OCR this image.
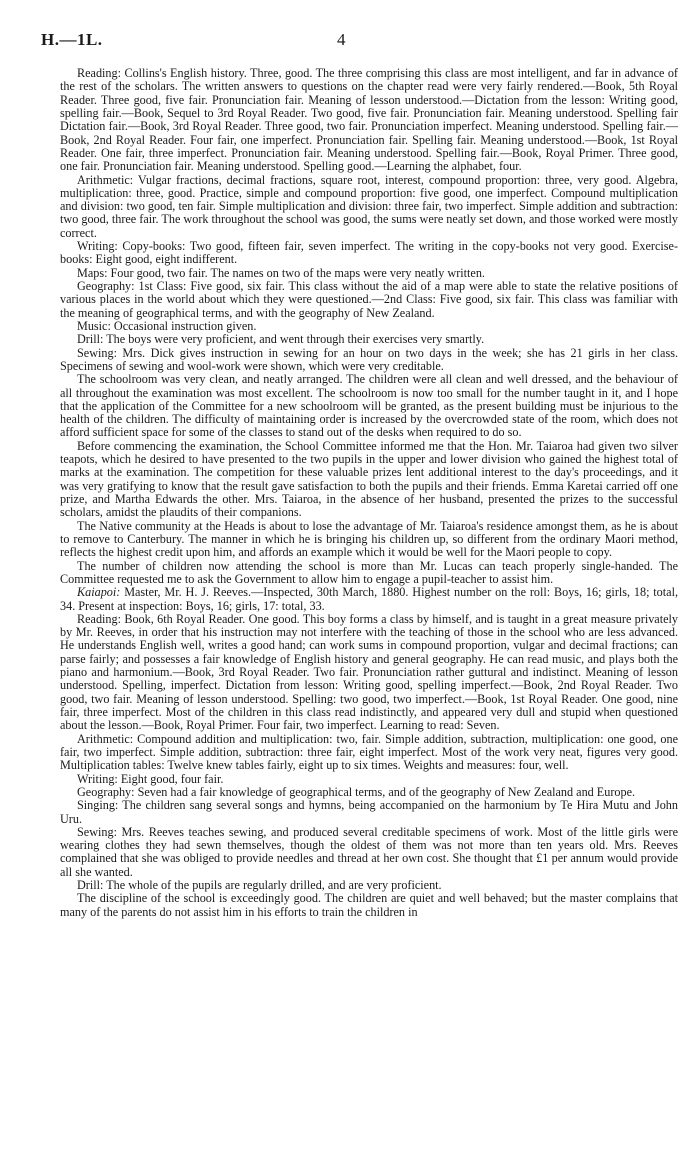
H.—1L.	4

Reading: Collins's English history. Three, good. The three comprising this class are most intelligent, and far in advance of the rest of the scholars. The written answers to questions on the chapter read were very fairly rendered.—Book, 5th Royal Reader. Three good, five fair. Pronunciation fair. Meaning of lesson understood.—Dictation from the lesson: Writing good, spelling fair.—Book, Sequel to 3rd Royal Reader. Two good, five fair. Pronunciation fair. Meaning understood. Spelling fair Dictation fair.—Book, 3rd Royal Reader. Three good, two fair. Pronunciation imperfect. Meaning understood. Spelling fair.—Book, 2nd Royal Reader. Four fair, one imperfect. Pronunciation fair. Spelling fair. Meaning understood.—Book, 1st Royal Reader. One fair, three imperfect. Pronunciation fair. Meaning understood. Spelling fair.—Book, Royal Primer. Three good, one fair. Pronunciation fair. Meaning understood. Spelling good.—Learning the alphabet, four.

Arithmetic: Vulgar fractions, decimal fractions, square root, interest, compound proportion: three, very good. Algebra, multiplication: three, good. Practice, simple and compound proportion: five good, one imperfect. Compound multiplication and division: two good, ten fair. Simple multiplication and division: three fair, two imperfect. Simple addition and subtraction: two good, three fair. The work throughout the school was good, the sums were neatly set down, and those worked were mostly correct.

Writing: Copy-books: Two good, fifteen fair, seven imperfect. The writing in the copy-books not very good. Exercise-books: Eight good, eight indifferent.

Maps: Four good, two fair. The names on two of the maps were very neatly written.

Geography: 1st Class: Five good, six fair. This class without the aid of a map were able to state the relative positions of various places in the world about which they were questioned.—2nd Class: Five good, six fair. This class was familiar with the meaning of geographical terms, and with the geography of New Zealand.

Music: Occasional instruction given.

Drill: The boys were very proficient, and went through their exercises very smartly.

Sewing: Mrs. Dick gives instruction in sewing for an hour on two days in the week; she has 21 girls in her class. Specimens of sewing and wool-work were shown, which were very creditable.

The schoolroom was very clean, and neatly arranged. The children were all clean and well dressed, and the behaviour of all throughout the examination was most excellent. The schoolroom is now too small for the number taught in it, and I hope that the application of the Committee for a new schoolroom will be granted, as the present building must be injurious to the health of the children. The difficulty of maintaining order is increased by the overcrowded state of the room, which does not afford sufficient space for some of the classes to stand out of the desks when required to do so.

Before commencing the examination, the School Committee informed me that the Hon. Mr. Taiaroa had given two silver teapots, which he desired to have presented to the two pupils in the upper and lower division who gained the highest total of marks at the examination. The competition for these valuable prizes lent additional interest to the day's proceedings, and it was very gratifying to know that the result gave satisfaction to both the pupils and their friends. Emma Karetai carried off one prize, and Martha Edwards the other. Mrs. Taiaroa, in the absence of her husband, presented the prizes to the successful scholars, amidst the plaudits of their companions.

The Native community at the Heads is about to lose the advantage of Mr. Taiaroa's residence amongst them, as he is about to remove to Canterbury. The manner in which he is bringing his children up, so different from the ordinary Maori method, reflects the highest credit upon him, and affords an example which it would be well for the Maori people to copy.

The number of children now attending the school is more than Mr. Lucas can teach properly single-handed. The Committee requested me to ask the Government to allow him to engage a pupil-teacher to assist him.

Kaiapoi: Master, Mr. H. J. Reeves.—Inspected, 30th March, 1880. Highest number on the roll: Boys, 16; girls, 18; total, 34. Present at inspection: Boys, 16; girls, 17: total, 33.

Reading: Book, 6th Royal Reader. One good. This boy forms a class by himself, and is taught in a great measure privately by Mr. Reeves, in order that his instruction may not interfere with the teaching of those in the school who are less advanced. He understands English well, writes a good hand; can work sums in compound proportion, vulgar and decimal fractions; can parse fairly; and possesses a fair knowledge of English history and general geography. He can read music, and plays both the piano and harmonium.—Book, 3rd Royal Reader. Two fair. Pronunciation rather guttural and indistinct. Meaning of lesson understood. Spelling, imperfect. Dictation from lesson: Writing good, spelling imperfect.—Book, 2nd Royal Reader. Two good, two fair. Meaning of lesson understood. Spelling: two good, two imperfect.—Book, 1st Royal Reader. One good, nine fair, three imperfect. Most of the children in this class read indistinctly, and appeared very dull and stupid when questioned about the lesson.—Book, Royal Primer. Four fair, two imperfect. Learning to read: Seven.

Arithmetic: Compound addition and multiplication: two, fair. Simple addition, subtraction, multiplication: one good, one fair, two imperfect. Simple addition, subtraction: three fair, eight imperfect. Most of the work very neat, figures very good. Multiplication tables: Twelve knew tables fairly, eight up to six times. Weights and measures: four, well.

Writing: Eight good, four fair.

Geography: Seven had a fair knowledge of geographical terms, and of the geography of New Zealand and Europe.

Singing: The children sang several songs and hymns, being accompanied on the harmonium by Te Hira Mutu and John Uru.

Sewing: Mrs. Reeves teaches sewing, and produced several creditable specimens of work. Most of the little girls were wearing clothes they had sewn themselves, though the oldest of them was not more than ten years old. Mrs. Reeves complained that she was obliged to provide needles and thread at her own cost. She thought that £1 per annum would provide all she wanted.

Drill: The whole of the pupils are regularly drilled, and are very proficient.

The discipline of the school is exceedingly good. The children are quiet and well behaved; but the master complains that many of the parents do not assist him in his efforts to train the children in
